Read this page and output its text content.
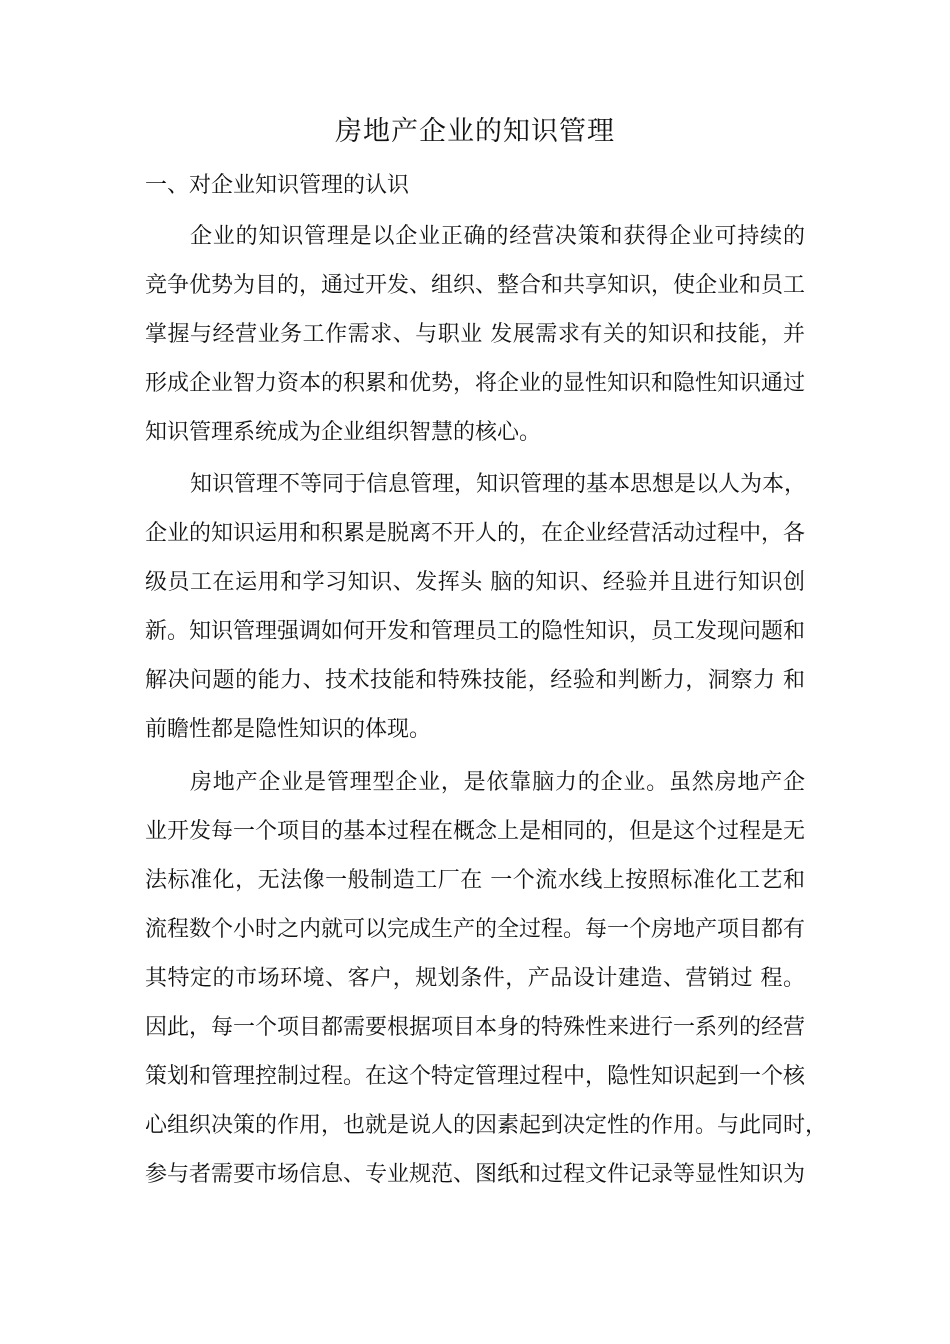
房地产企业的知识管理
一、对企业知识管理的认识
企业的知识管理是以企业正确的经营决策和获得企业可持续的
竞争优势为目的，通过开发、组织、整合和共享知识，使企业和员工
掌握与经营业务工作需求、与职业 发展需求有关的知识和技能，并
形成企业智力资本的积累和优势，将企业的显性知识和隐性知识通过
知识管理系统成为企业组织智慧的核心。
知识管理不等同于信息管理，知识管理的基本思想是以人为本，
企业的知识运用和积累是脱离不开人的，在企业经营活动过程中，各
级员工在运用和学习知识、发挥头 脑的知识、经验并且进行知识创
新。知识管理强调如何开发和管理员工的隐性知识，员工发现问题和
解决问题的能力、技术技能和特殊技能，经验和判断力，洞察力 和
前瞻性都是隐性知识的体现。
房地产企业是管理型企业，是依靠脑力的企业。虽然房地产企
业开发每一个项目的基本过程在概念上是相同的，但是这个过程是无
法标准化，无法像一般制造工厂在 一个流水线上按照标准化工艺和
流程数个小时之内就可以完成生产的全过程。每一个房地产项目都有
其特定的市场环境、客户，规划条件，产品设计建造、营销过 程。
因此，每一个项目都需要根据项目本身的特殊性来进行一系列的经营
策划和管理控制过程。在这个特定管理过程中，隐性知识起到一个核
心组织决策的作用，也就是说人的因素起到决定性的作用。与此同时，
参与者需要市场信息、专业规范、图纸和过程文件记录等显性知识为
